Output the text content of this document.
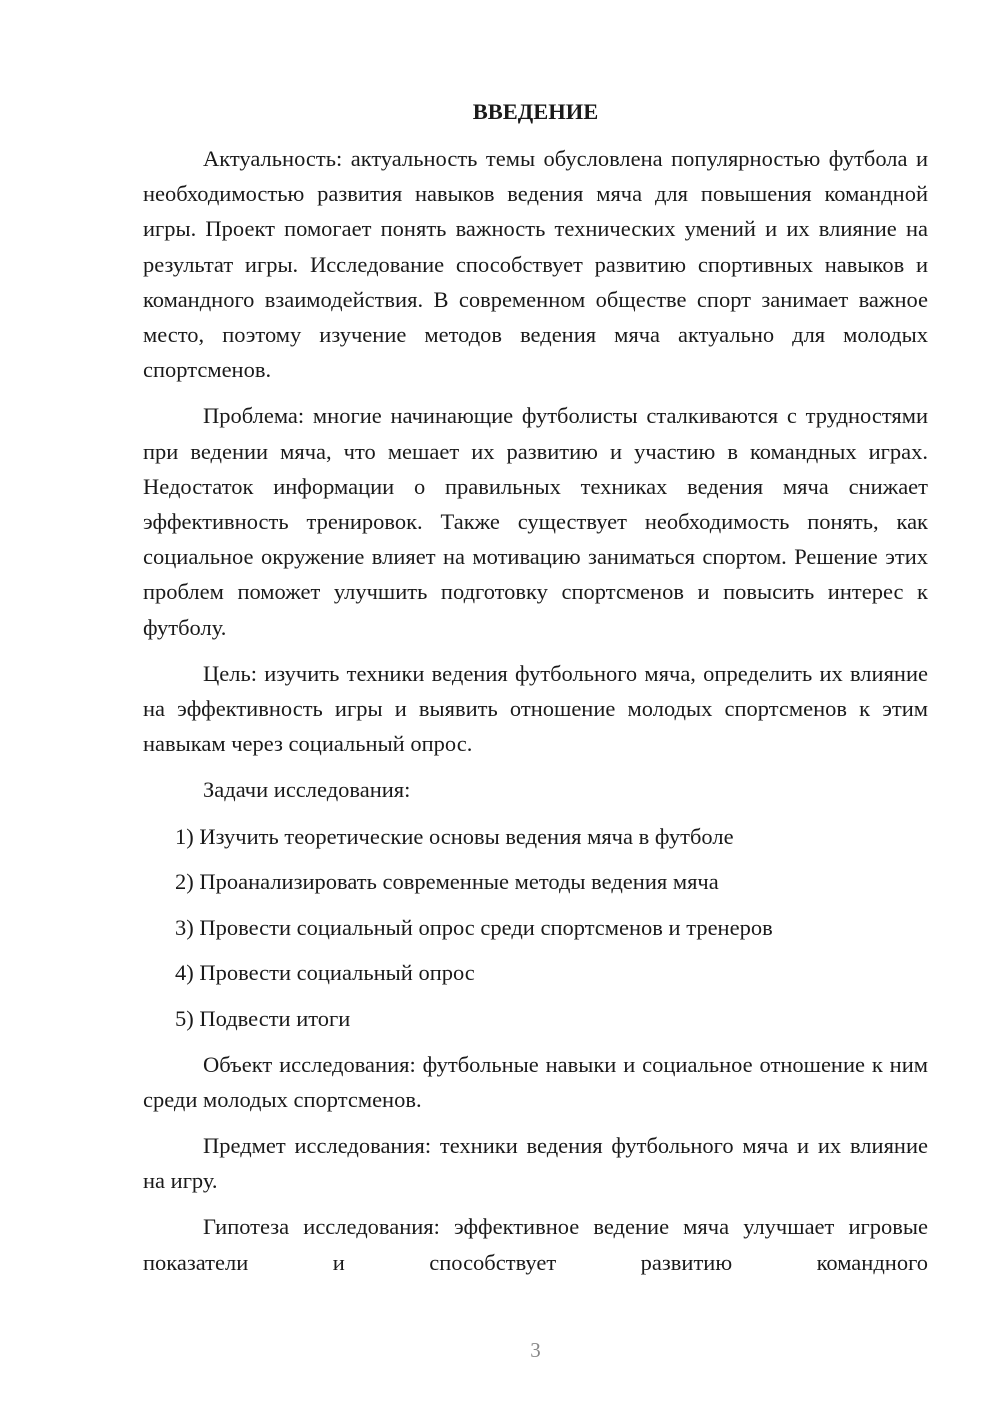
ВВЕДЕНИЕ

Актуальность: актуальность темы обусловлена популярностью футбола и необходимостью развития навыков ведения мяча для повышения командной игры. Проект помогает понять важность технических умений и их влияние на результат игры. Исследование способствует развитию спортивных навыков и командного взаимодействия. В современном обществе спорт занимает важное место, поэтому изучение методов ведения мяча актуально для молодых спортсменов.

Проблема: многие начинающие футболисты сталкиваются с трудностями при ведении мяча, что мешает их развитию и участию в командных играх. Недостаток информации о правильных техниках ведения мяча снижает эффективность тренировок. Также существует необходимость понять, как социальное окружение влияет на мотивацию заниматься спортом. Решение этих проблем поможет улучшить подготовку спортсменов и повысить интерес к футболу.

Цель: изучить техники ведения футбольного мяча, определить их влияние на эффективность игры и выявить отношение молодых спортсменов к этим навыкам через социальный опрос.

Задачи исследования:

1) Изучить теоретические основы ведения мяча в футболе
2) Проанализировать современные методы ведения мяча
3) Провести социальный опрос среди спортсменов и тренеров
4) Провести социальный опрос
5) Подвести итоги

Объект исследования: футбольные навыки и социальное отношение к ним среди молодых спортсменов.

Предмет исследования: техники ведения футбольного мяча и их влияние на игру.

Гипотеза исследования: эффективное ведение мяча улучшает игровые показатели и способствует развитию командного

3
